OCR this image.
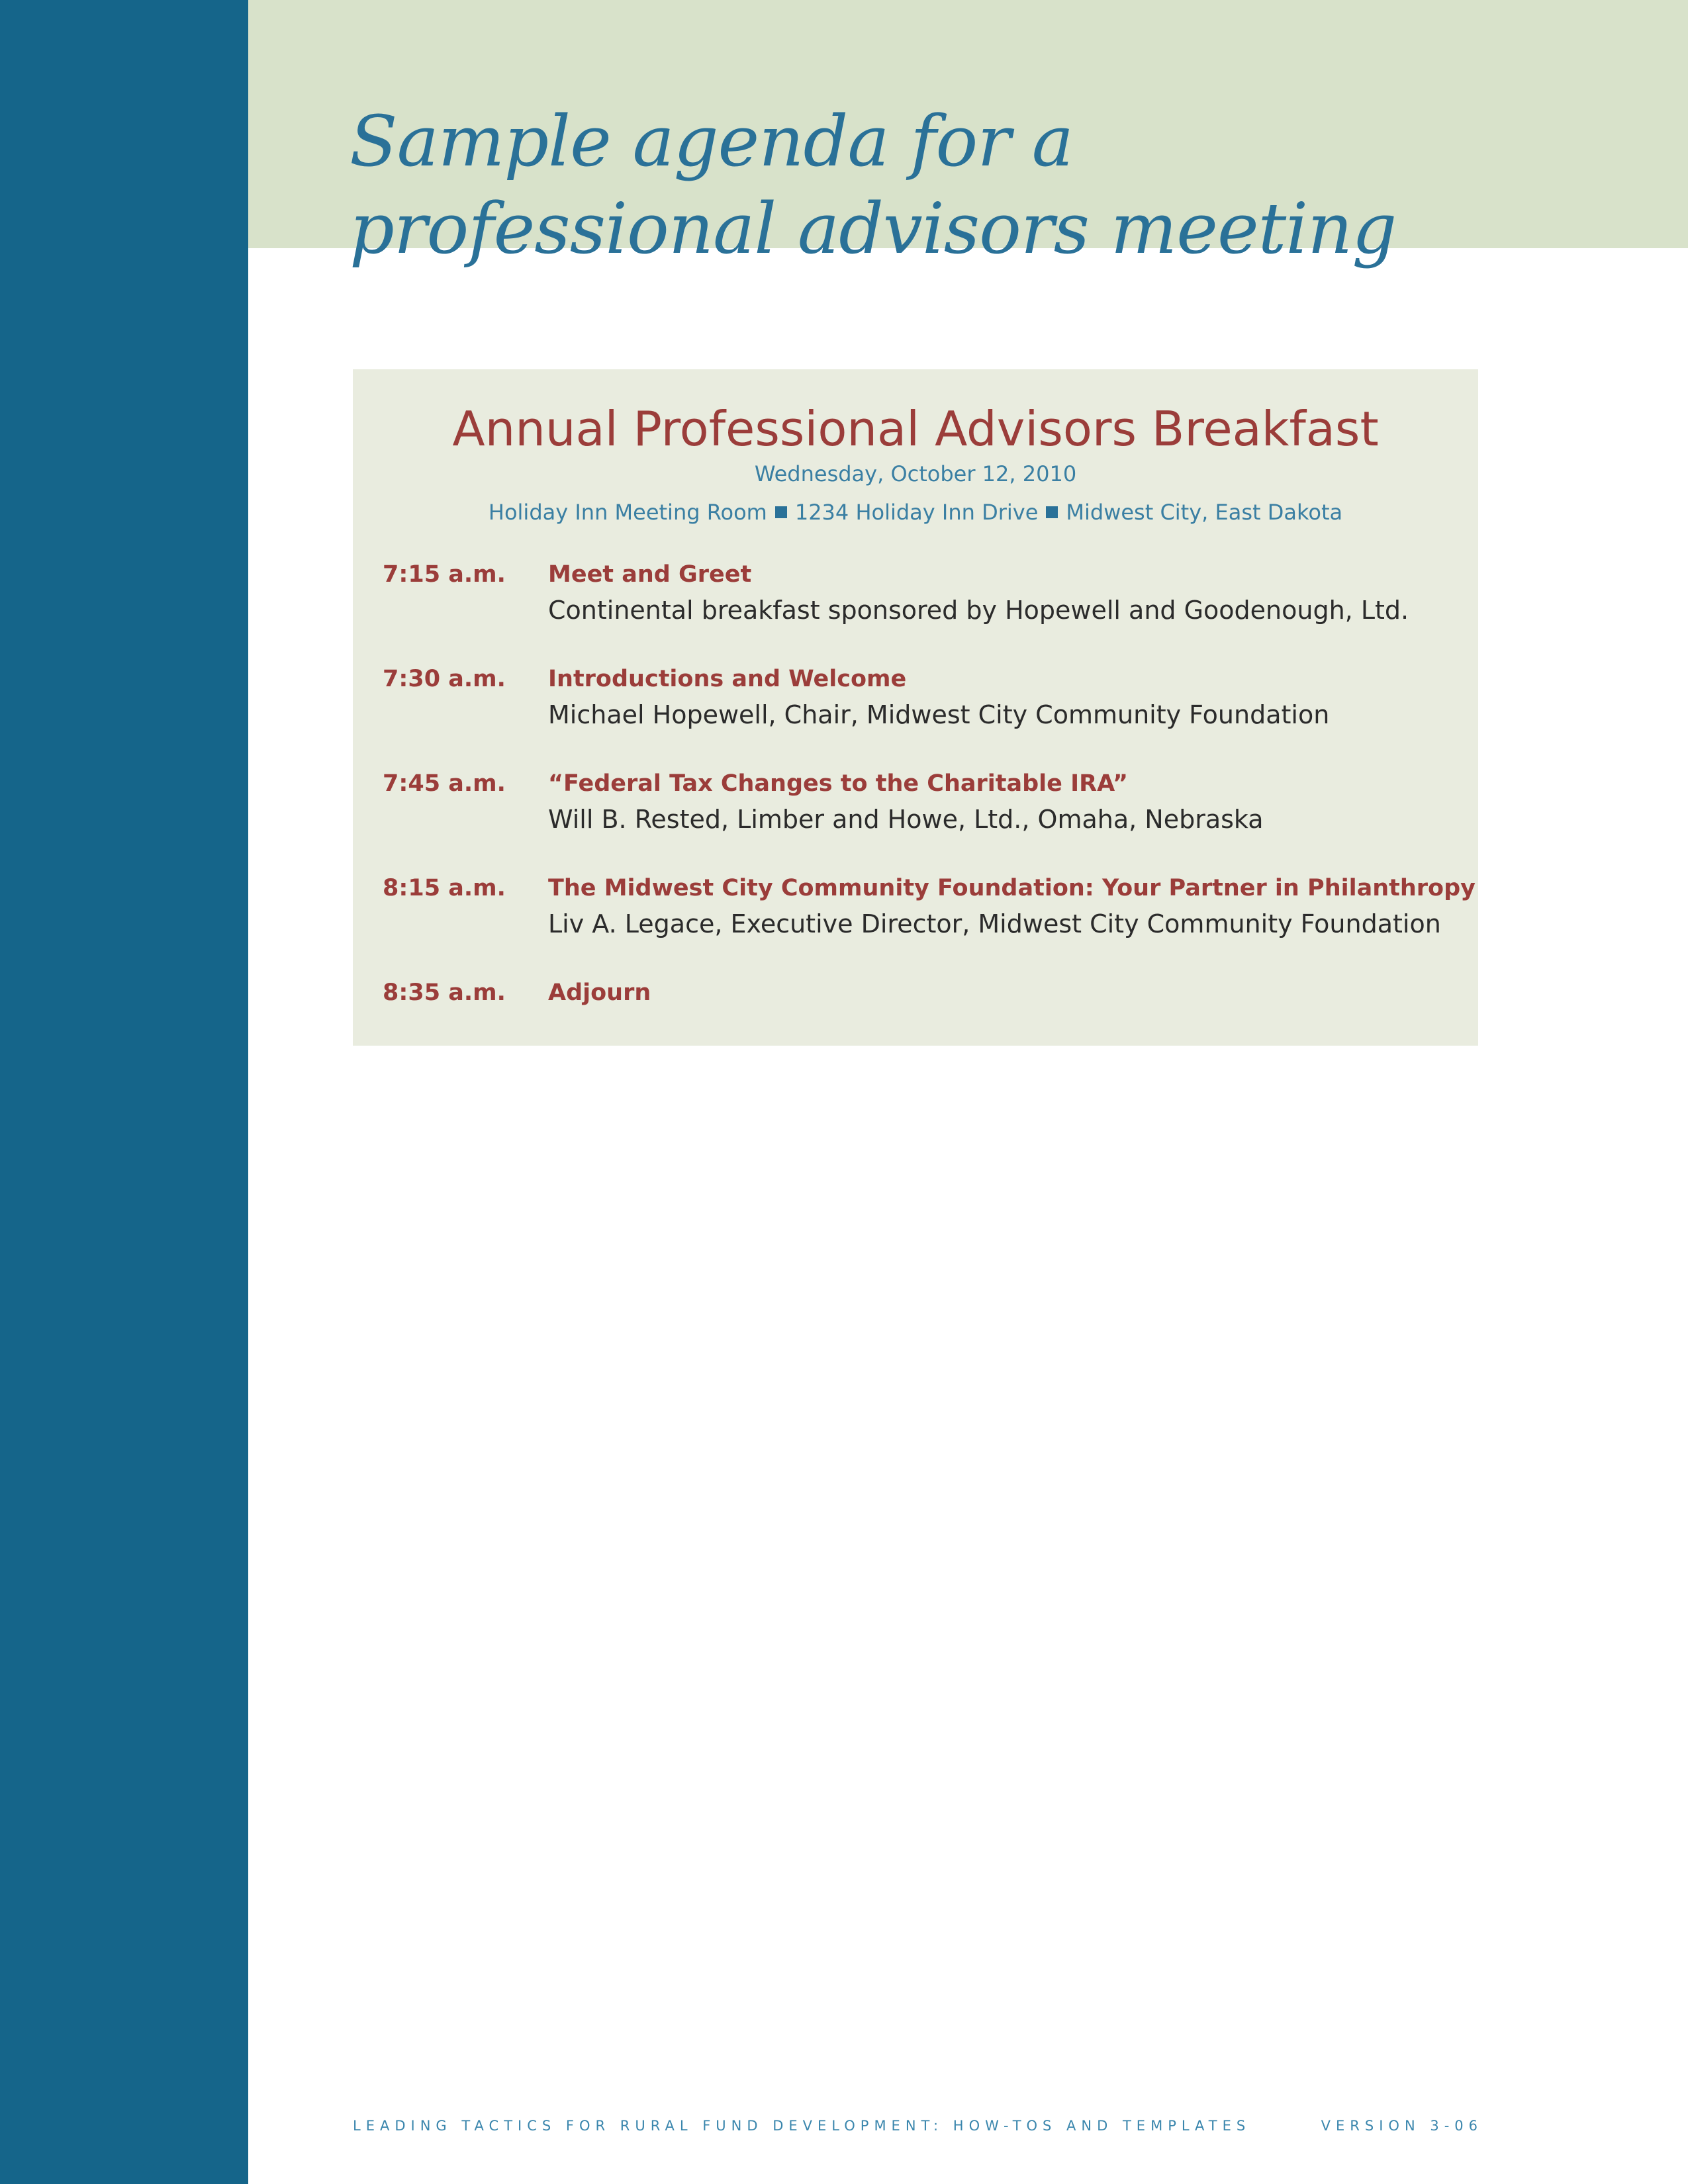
Sample agenda for a
professional advisors meeting
Annual Professional Advisors Breakfast
Wednesday, October 12, 2010
Holiday Inn Meeting Room 1234 Holiday Inn Drive Midwest City, East Dakota
7:15 a.m. Meet and Greet
Continental breakfast sponsored by Hopewell and Goodenough, Ltd.
7:30 a.m. Introductions and Welcome
Michael Hopewell, Chair, Midwest City Community Foundation
7:45 a.m. “Federal Tax Changes to the Charitable IRA”
Will B. Rested, Limber and Howe, Ltd., Omaha, Nebraska
8:15 a.m. The Midwest City Community Foundation: Your Partner in Philanthropy
Liv A. Legace, Executive Director, Midwest City Community Foundation
8:35 a.m. Adjourn
LEADING TACTICS FOR RURAL FUND DEVELOPMENT: HOW-TOS AND TEMPLATES	VERSION 3-06
